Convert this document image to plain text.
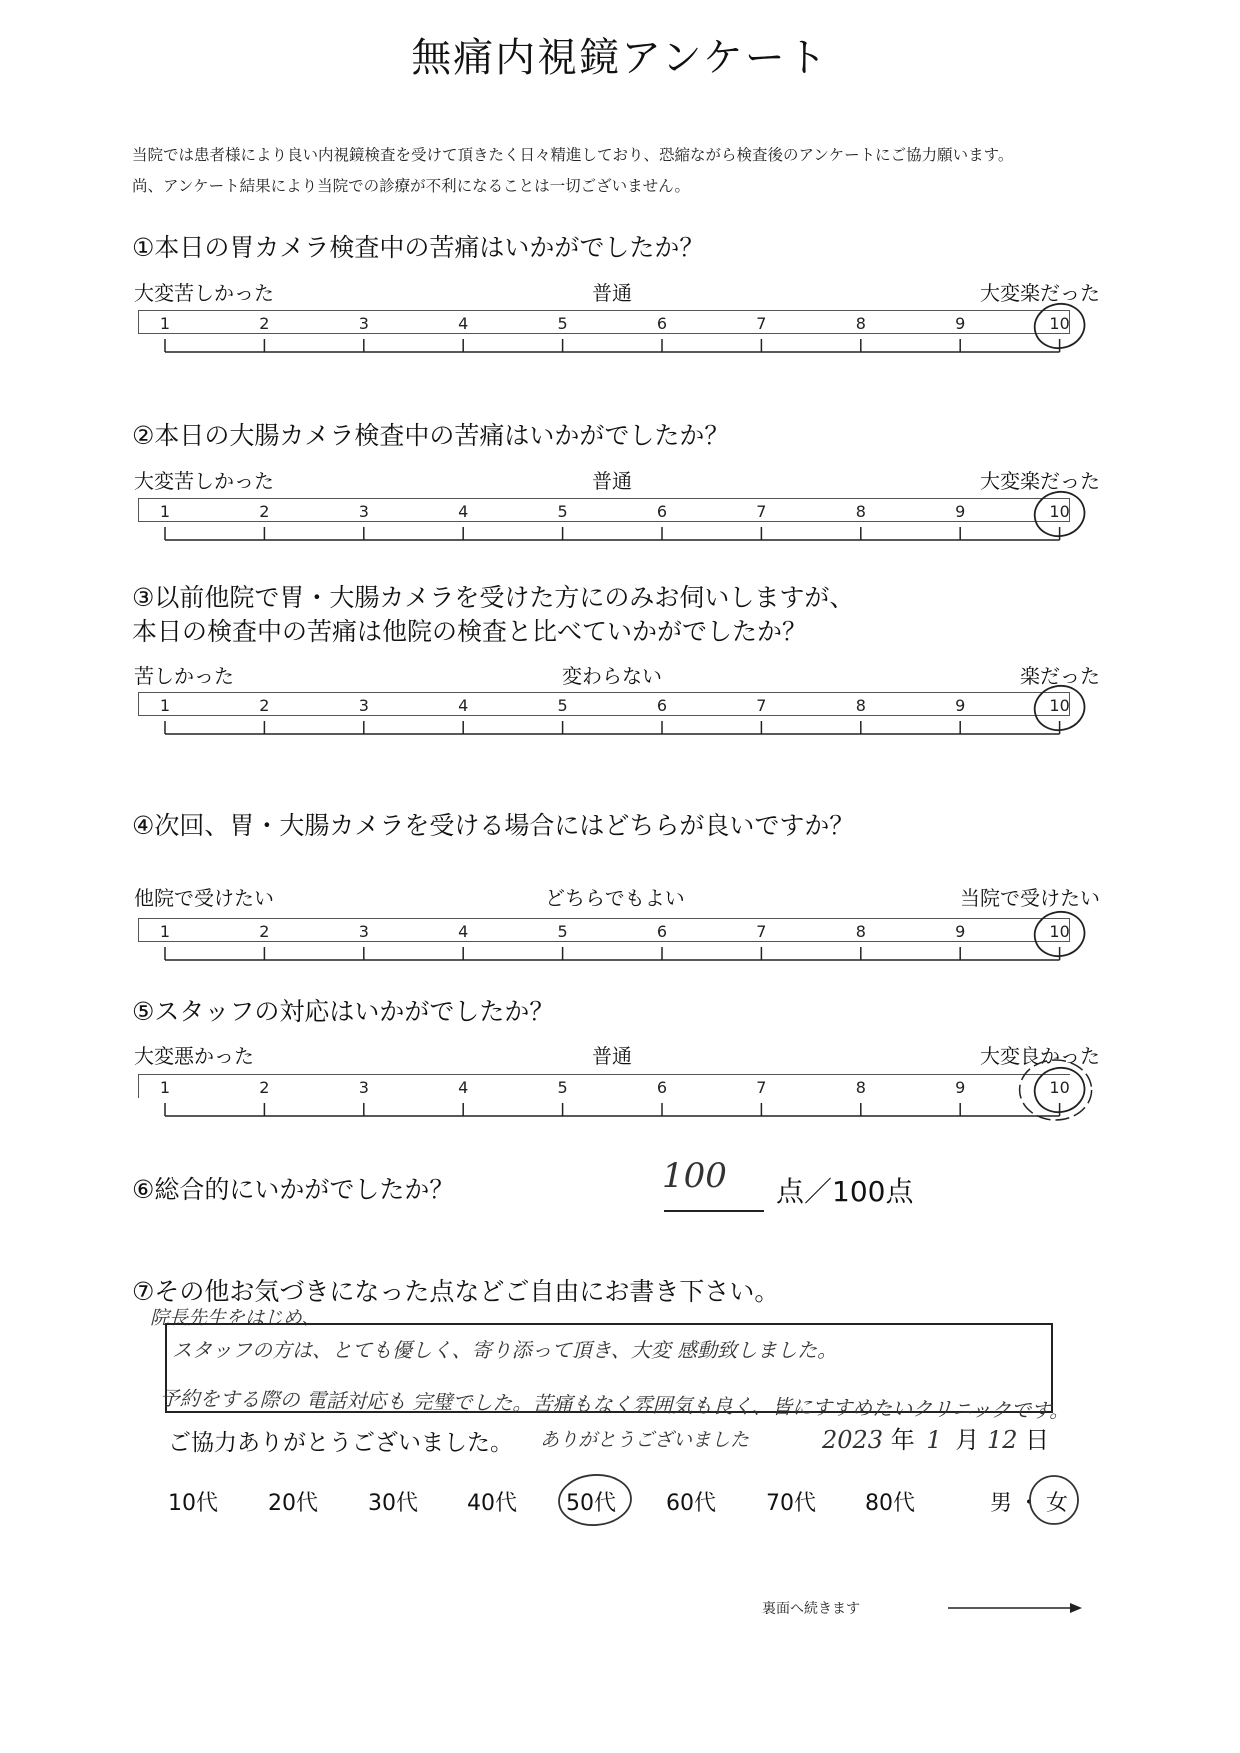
無痛内視鏡アンケート
当院では患者様により良い内視鏡検査を受けて頂きたく日々精進しており、恐縮ながら検査後のアンケートにご協力願います。
尚、アンケート結果により当院での診療が不利になることは一切ございません。
①本日の胃カメラ検査中の苦痛はいかがでしたか？
大変苦しかった	普通	大変楽だった
1	2	3	4	5	6	7	8	9	10
②本日の大腸カメラ検査中の苦痛はいかがでしたか？
大変苦しかった	普通	大変楽だった
1	2	3	4	5	6	7	8	9	10
③以前他院で胃・大腸カメラを受けた方にのみお伺いしますが、
本日の検査中の苦痛は他院の検査と比べていかがでしたか？
苦しかった	変わらない	楽だった
1	2	3	4	5	6	7	8	9	10
④次回、胃・大腸カメラを受ける場合にはどちらが良いですか？
他院で受けたい	どちらでもよい	当院で受けたい
1	2	3	4	5	6	7	8	9	10
⑤スタッフの対応はいかがでしたか？
大変悪かった	普通	大変良かった
1	2	3	4	5	6	7	8	9	10
⑥総合的にいかがでしたか？	100 点／100点
⑦その他お気づきになった点などご自由にお書き下さい。
院長先生をはじめ、
スタッフの方は、とても優しく、寄り添って頂き、大変 感動致しました。
予約をする際の 電話対応も 完璧でした。苦痛もなく雰囲気も良く、皆にすすめたいクリニックです。
ご協力ありがとうございました。 ありがとうございました	2023 年 1 月 12 日
10代 20代 30代 40代 50代 60代 70代 80代	男 ・ 女
裏面へ続きます
